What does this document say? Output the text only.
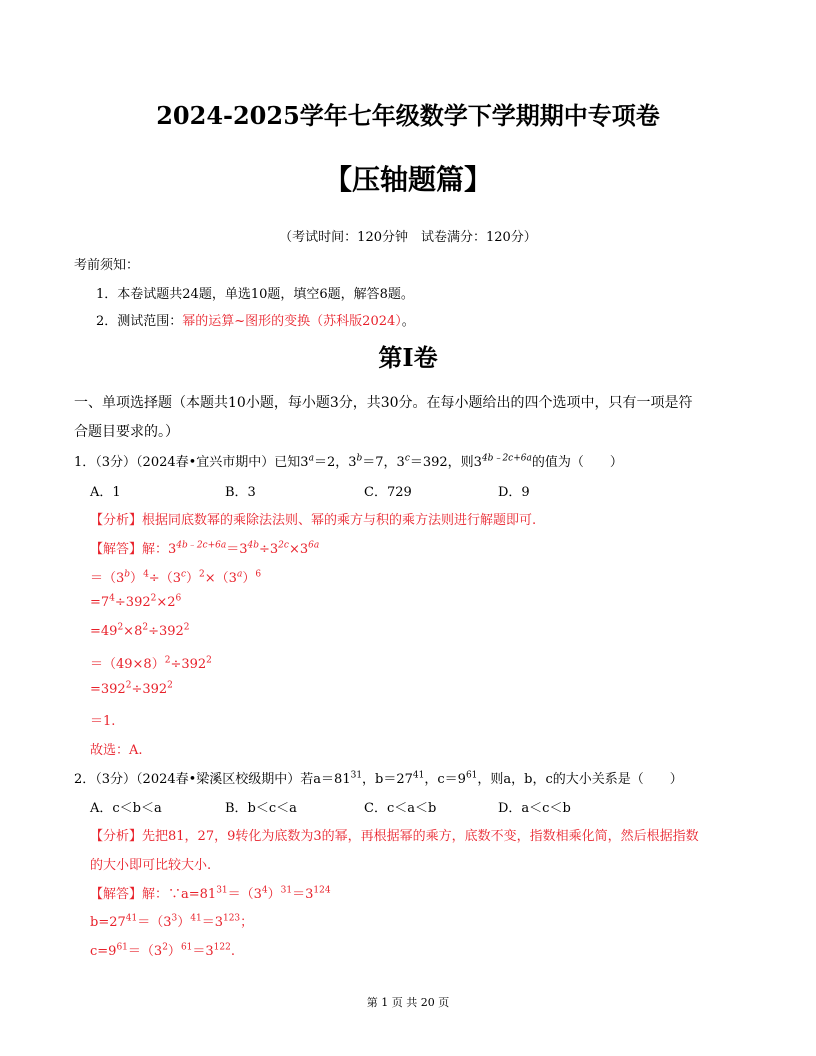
2024-2025学年七年级数学下学期期中专项卷
【压轴题篇】
（考试时间：120分钟　试卷满分：120分）
考前须知：
1．本卷试题共24题，单选10题，填空6题，解答8题。
2．测试范围：幂的运算~图形的变换（苏科版2024）。
第Ⅰ卷
一、单项选择题（本题共10小题，每小题3分，共30分。在每小题给出的四个选项中，只有一项是符
合题目要求的。）
1．（3分）（2024春•宜兴市期中）已知$3^a=2$，$3^b=7$，$3^c=392$，则$3^{4b﹣2c+6a}$的值为（　　）
A．1	B．3	C．729	D．9
【分析】根据同底数幂的乘除法法则、幂的乘方与积的乘方法则进行解题即可.
【解答】解：$3^{4b﹣2c+6a}=3^{4b}\div 3^{2c}\times 3^{6a}$
$=(3^b)^4\div(3^c)^2\times(3^a)^6$
$=7^4\div 392^2\times 2^6$
$=49^2\times 8^2\div 392^2$
$=(49\times 8)^2\div 392^2$
$=392^2\div 392^2$
＝1.
故选：A.
2．（3分）（2024春•梁溪区校级期中）若$a=81^{31}$，$b=27^{41}$，$c=9^{61}$，则a，b，c的大小关系是（　　）
A．c＜b＜a	B．b＜c＜a	C．c＜a＜b	D．a＜c＜b
【分析】先把81，27，9转化为底数为3的幂，再根据幂的乘方，底数不变，指数相乘化简，然后根据指数
的大小即可比较大小.
【解答】解：$\because a=81^{31}=(3^4)^{31}=3^{124}$
$b=27^{41}=(3^3)^{41}=3^{123}$；
$c=9^{61}=(3^2)^{61}=3^{122}$.
第 1 页 共 20 页
